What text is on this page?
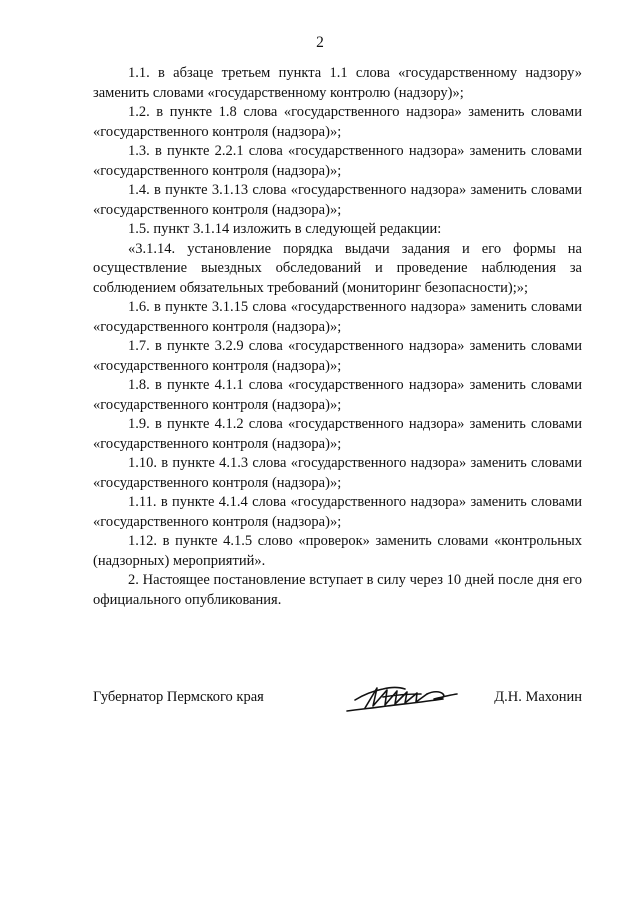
2

1.1. в абзаце третьем пункта 1.1 слова «государственному надзору» заменить словами «государственному контролю (надзору)»;

1.2. в пункте 1.8 слова «государственного надзора» заменить словами «государственного контроля (надзора)»;

1.3. в пункте 2.2.1 слова «государственного надзора» заменить словами «государственного контроля (надзора)»;

1.4. в пункте 3.1.13 слова «государственного надзора» заменить словами «государственного контроля (надзора)»;

1.5. пункт 3.1.14 изложить в следующей редакции:

«3.1.14. установление порядка выдачи задания и его формы на осуществление выездных обследований и проведение наблюдения за соблюдением обязательных требований (мониторинг безопасности);»;

1.6. в пункте 3.1.15 слова «государственного надзора» заменить словами «государственного контроля (надзора)»;

1.7. в пункте 3.2.9 слова «государственного надзора» заменить словами «государственного контроля (надзора)»;

1.8. в пункте 4.1.1 слова «государственного надзора» заменить словами «государственного контроля (надзора)»;

1.9. в пункте 4.1.2 слова «государственного надзора» заменить словами «государственного контроля (надзора)»;

1.10. в пункте 4.1.3 слова «государственного надзора» заменить словами «государственного контроля (надзора)»;

1.11. в пункте 4.1.4 слова «государственного надзора» заменить словами «государственного контроля (надзора)»;

1.12. в пункте 4.1.5 слово «проверок» заменить словами «контрольных (надзорных) мероприятий».

2. Настоящее постановление вступает в силу через 10 дней после дня его официального опубликования.

Губернатор Пермского края	Д.Н. Махонин
